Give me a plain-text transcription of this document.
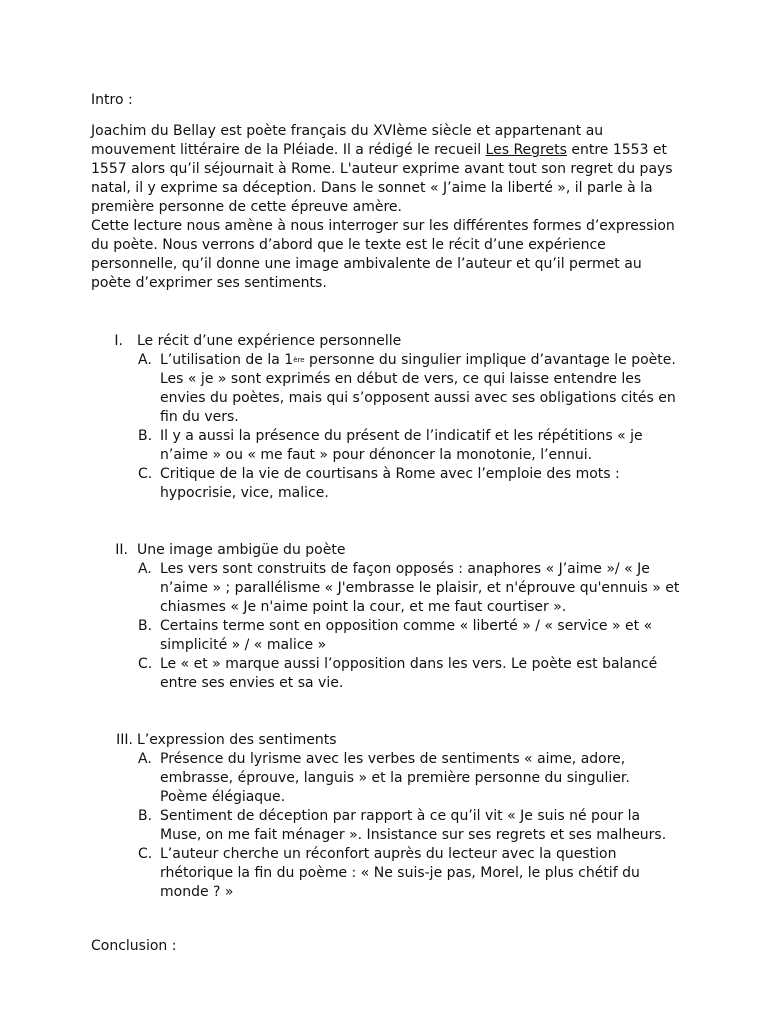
Intro :

Joachim du Bellay est poète français du XVIème siècle et appartenant au mouvement littéraire de la Pléiade. Il a rédigé le recueil Les Regrets entre 1553 et 1557 alors qu’il séjournait à Rome. L'auteur exprime avant tout son regret du pays natal, il y exprime sa déception. Dans le sonnet « J’aime la liberté », il parle à la première personne de cette épreuve amère.

Cette lecture nous amène à nous interroger sur les différentes formes d’expression du poète. Nous verrons d’abord que le texte est le récit d’une expérience personnelle, qu’il donne une image ambivalente de l’auteur et qu’il permet au poète d’exprimer ses sentiments.

I. Le récit d’une expérience personnelle
A. L’utilisation de la 1ère personne du singulier implique d’avantage le poète. Les « je » sont exprimés en début de vers, ce qui laisse entendre les envies du poètes, mais qui s’opposent aussi avec ses obligations cités en fin du vers.
B. Il y a aussi la présence du présent de l’indicatif et les répétitions « je n’aime » ou « me faut » pour dénoncer la monotonie, l’ennui.
C. Critique de la vie de courtisans à Rome avec l’emploie des mots : hypocrisie, vice, malice.
II. Une image ambigüe du poète
A. Les vers sont construits de façon opposés : anaphores « J’aime »/ « Je n’aime » ; parallélisme « J'embrasse le plaisir, et n'éprouve qu'ennuis » et chiasmes « Je n'aime point la cour, et me faut courtiser ».
B. Certains terme sont en opposition comme « liberté » / « service » et « simplicité » / « malice »
C. Le « et » marque aussi l’opposition dans les vers. Le poète est balancé entre ses envies et sa vie.
III. L’expression des sentiments
A. Présence du lyrisme avec les verbes de sentiments « aime, adore, embrasse, éprouve, languis » et la première personne du singulier. Poème élégiaque.
B. Sentiment de déception par rapport à ce qu’il vit « Je suis né pour la Muse, on me fait ménager ». Insistance sur ses regrets et ses malheurs.
C. L’auteur cherche un réconfort auprès du lecteur avec la question rhétorique la fin du poème : « Ne suis-je pas, Morel, le plus chétif du monde ? »
Conclusion :
